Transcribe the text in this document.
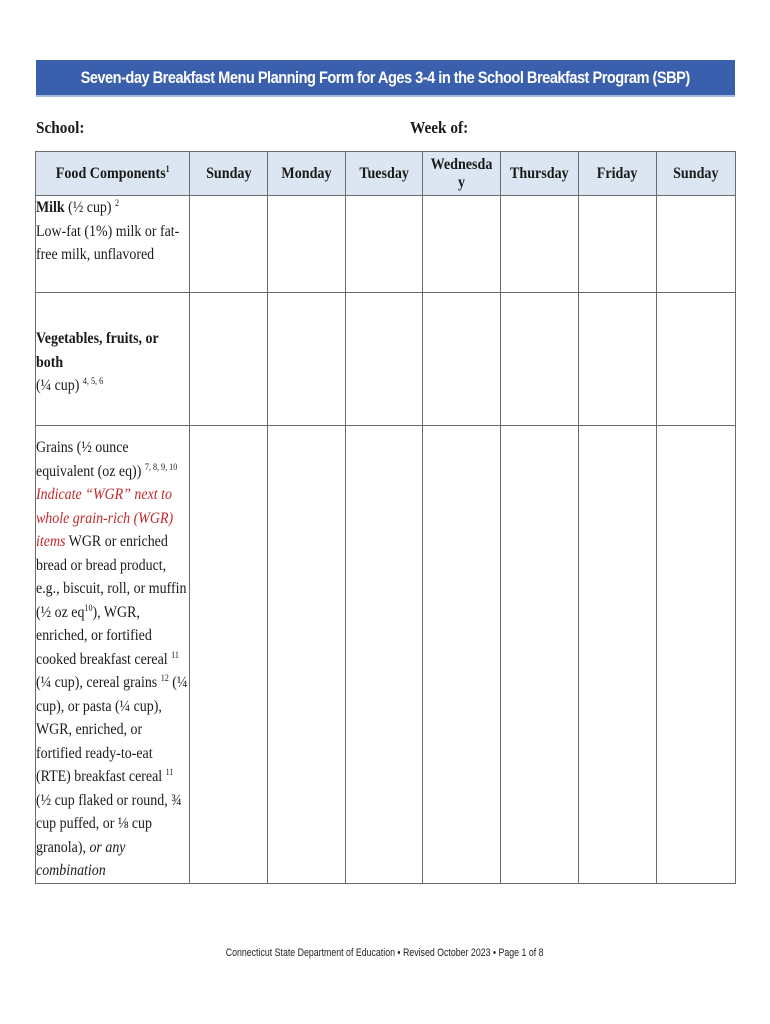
Seven-day Breakfast Menu Planning Form for Ages 3-4 in the School Breakfast Program (SBP)
School:	Week of:
Food Components$^1$	Sunday	Monday	Tuesday	Wednesday	Thursday	Friday	Sunday

Milk (½ cup) $^2$
Low-fat (1%) milk or fat-free milk, unflavored							

Vegetables, fruits, or both
(¼ cup) $^{4, 5, 6}$

Grains (½ ounce equivalent (oz eq)) $^{7, 8, 9, 10}$
Indicate “WGR” next to whole grain-rich (WGR) items WGR or enriched bread or bread product, e.g., biscuit, roll, or muffin (½ oz $eq^{10}$), WGR, enriched, or fortified cooked breakfast cereal $^{11}$ (¼ cup), cereal grains $^{12}$ (¼ cup), or pasta (¼ cup), WGR, enriched, or fortified ready-to-eat (RTE) breakfast cereal $^{11}$ (½ cup flaked or round, ¾ cup puffed, or ⅛ cup granola), or any combination							

Connecticut State Department of Education • Revised October 2023 • Page 1 of 8
